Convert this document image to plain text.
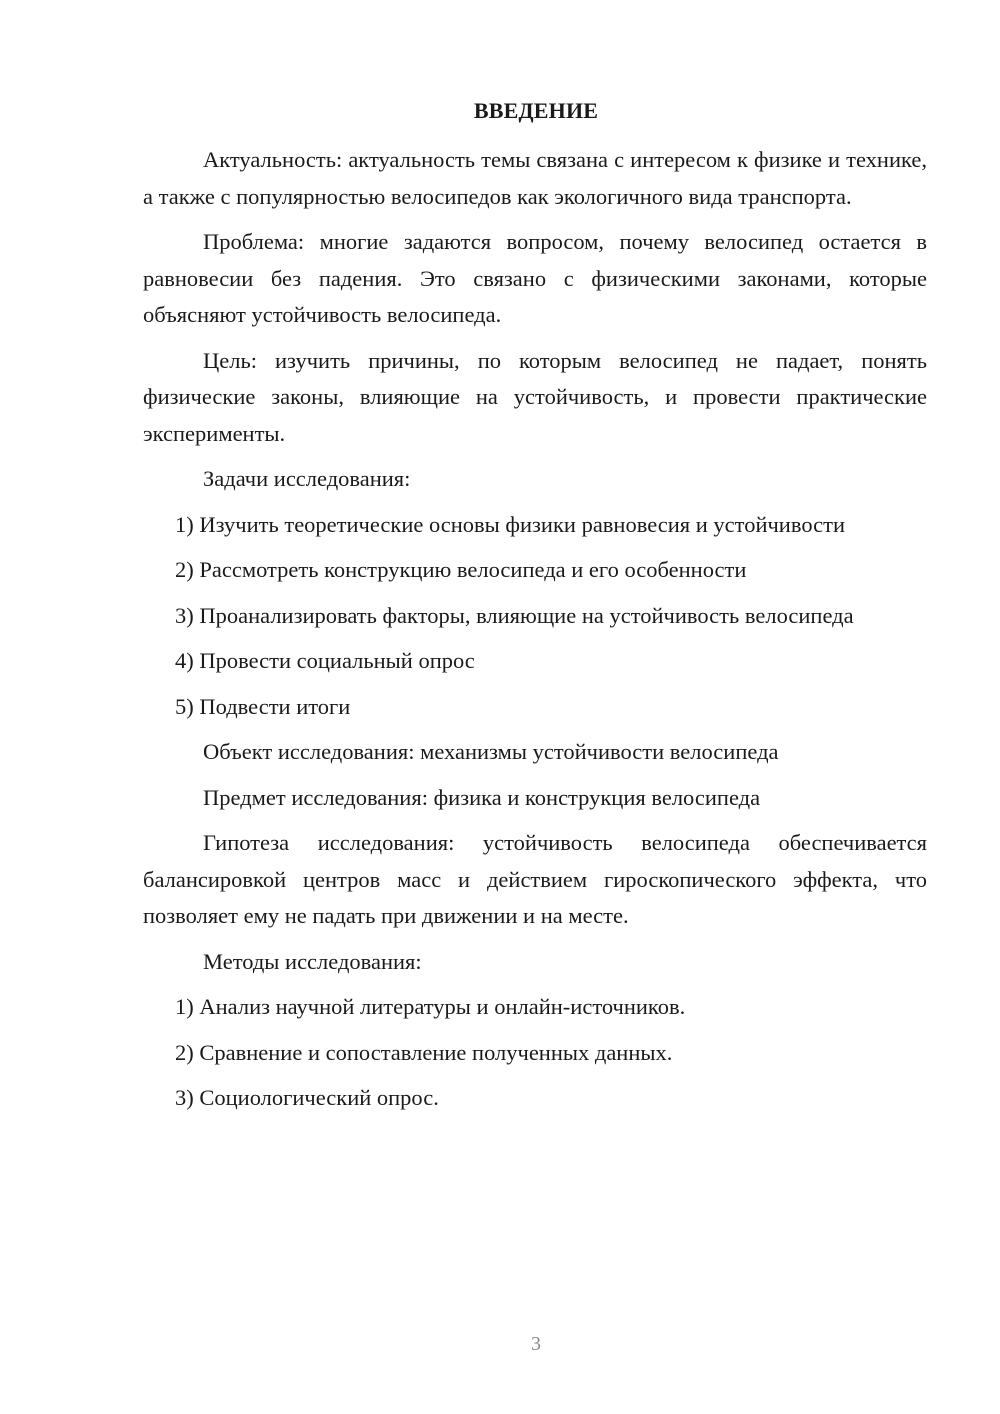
ВВЕДЕНИЕ

Актуальность: актуальность темы связана с интересом к физике и технике, а также с популярностью велосипедов как экологичного вида транспорта.

Проблема: многие задаются вопросом, почему велосипед остается в равновесии без падения. Это связано с физическими законами, которые объясняют устойчивость велосипеда.

Цель: изучить причины, по которым велосипед не падает, понять физические законы, влияющие на устойчивость, и провести практические эксперименты.

Задачи исследования:

1) Изучить теоретические основы физики равновесия и устойчивости

2) Рассмотреть конструкцию велосипеда и его особенности

3) Проанализировать факторы, влияющие на устойчивость велосипеда

4) Провести социальный опрос

5) Подвести итоги

Объект исследования: механизмы устойчивости велосипеда

Предмет исследования: физика и конструкция велосипеда

Гипотеза исследования: устойчивость велосипеда обеспечивается балансировкой центров масс и действием гироскопического эффекта, что позволяет ему не падать при движении и на месте.

Методы исследования:

1) Анализ научной литературы и онлайн-источников.

2) Сравнение и сопоставление полученных данных.

3) Социологический опрос.

3
